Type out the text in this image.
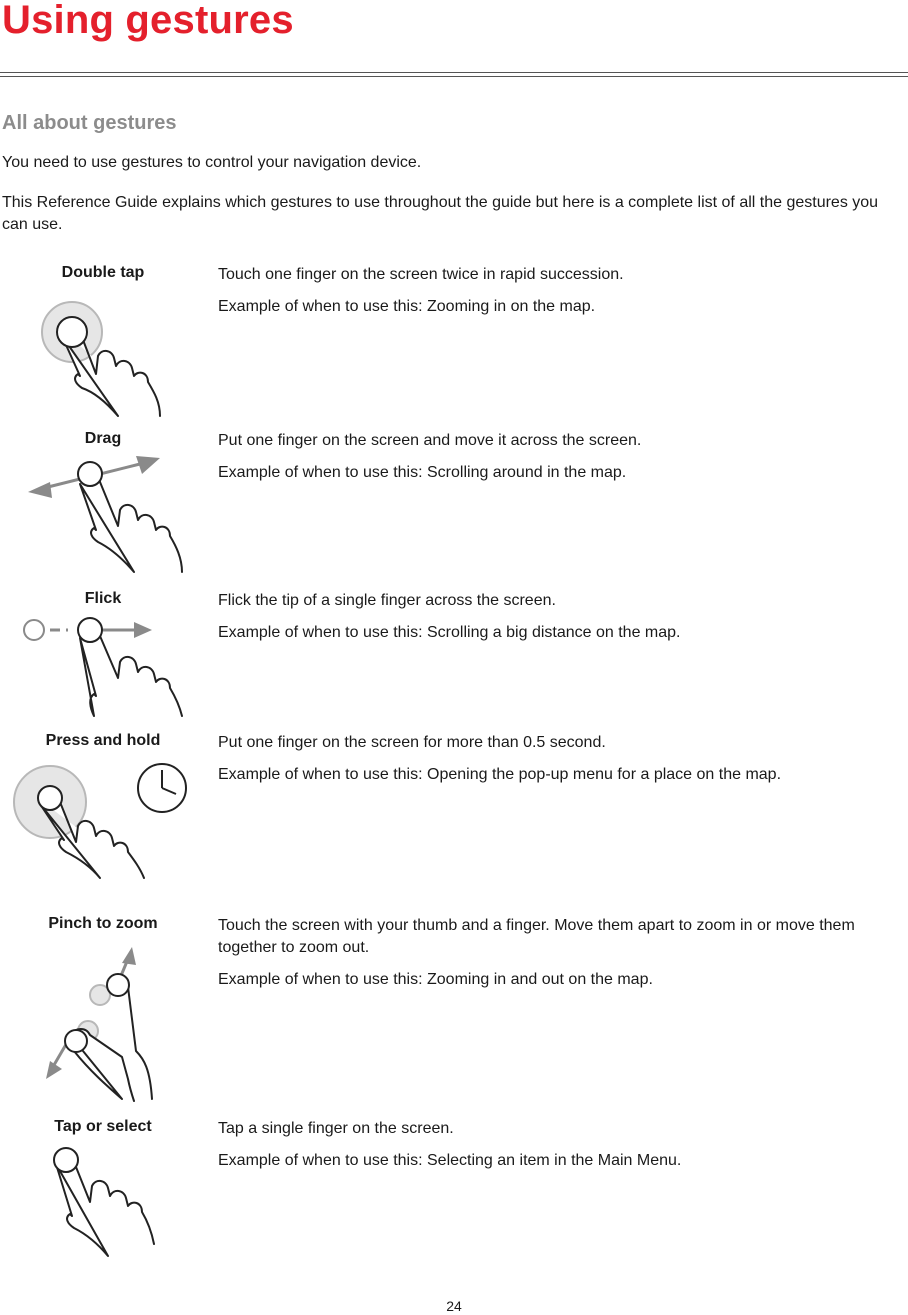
Using gestures
All about gestures

You need to use gestures to control your navigation device.

This Reference Guide explains which gestures to use throughout the guide but here is a complete list of all the gestures you can use.

Double tap	Touch one finger on the screen twice in rapid succession.

Example of when to use this: Zooming in on the map.

Drag	Put one finger on the screen and move it across the screen.

Example of when to use this: Scrolling around in the map.

Flick	Flick the tip of a single finger across the screen.

Example of when to use this: Scrolling a big distance on the map.

Press and hold	Put one finger on the screen for more than 0.5 second.

Example of when to use this: Opening the pop-up menu for a place on the map.

Pinch to zoom	Touch the screen with your thumb and a finger. Move them apart to zoom in or move them together to zoom out.

Example of when to use this: Zooming in and out on the map.

Tap or select	Tap a single finger on the screen.

Example of when to use this: Selecting an item in the Main Menu.

24
